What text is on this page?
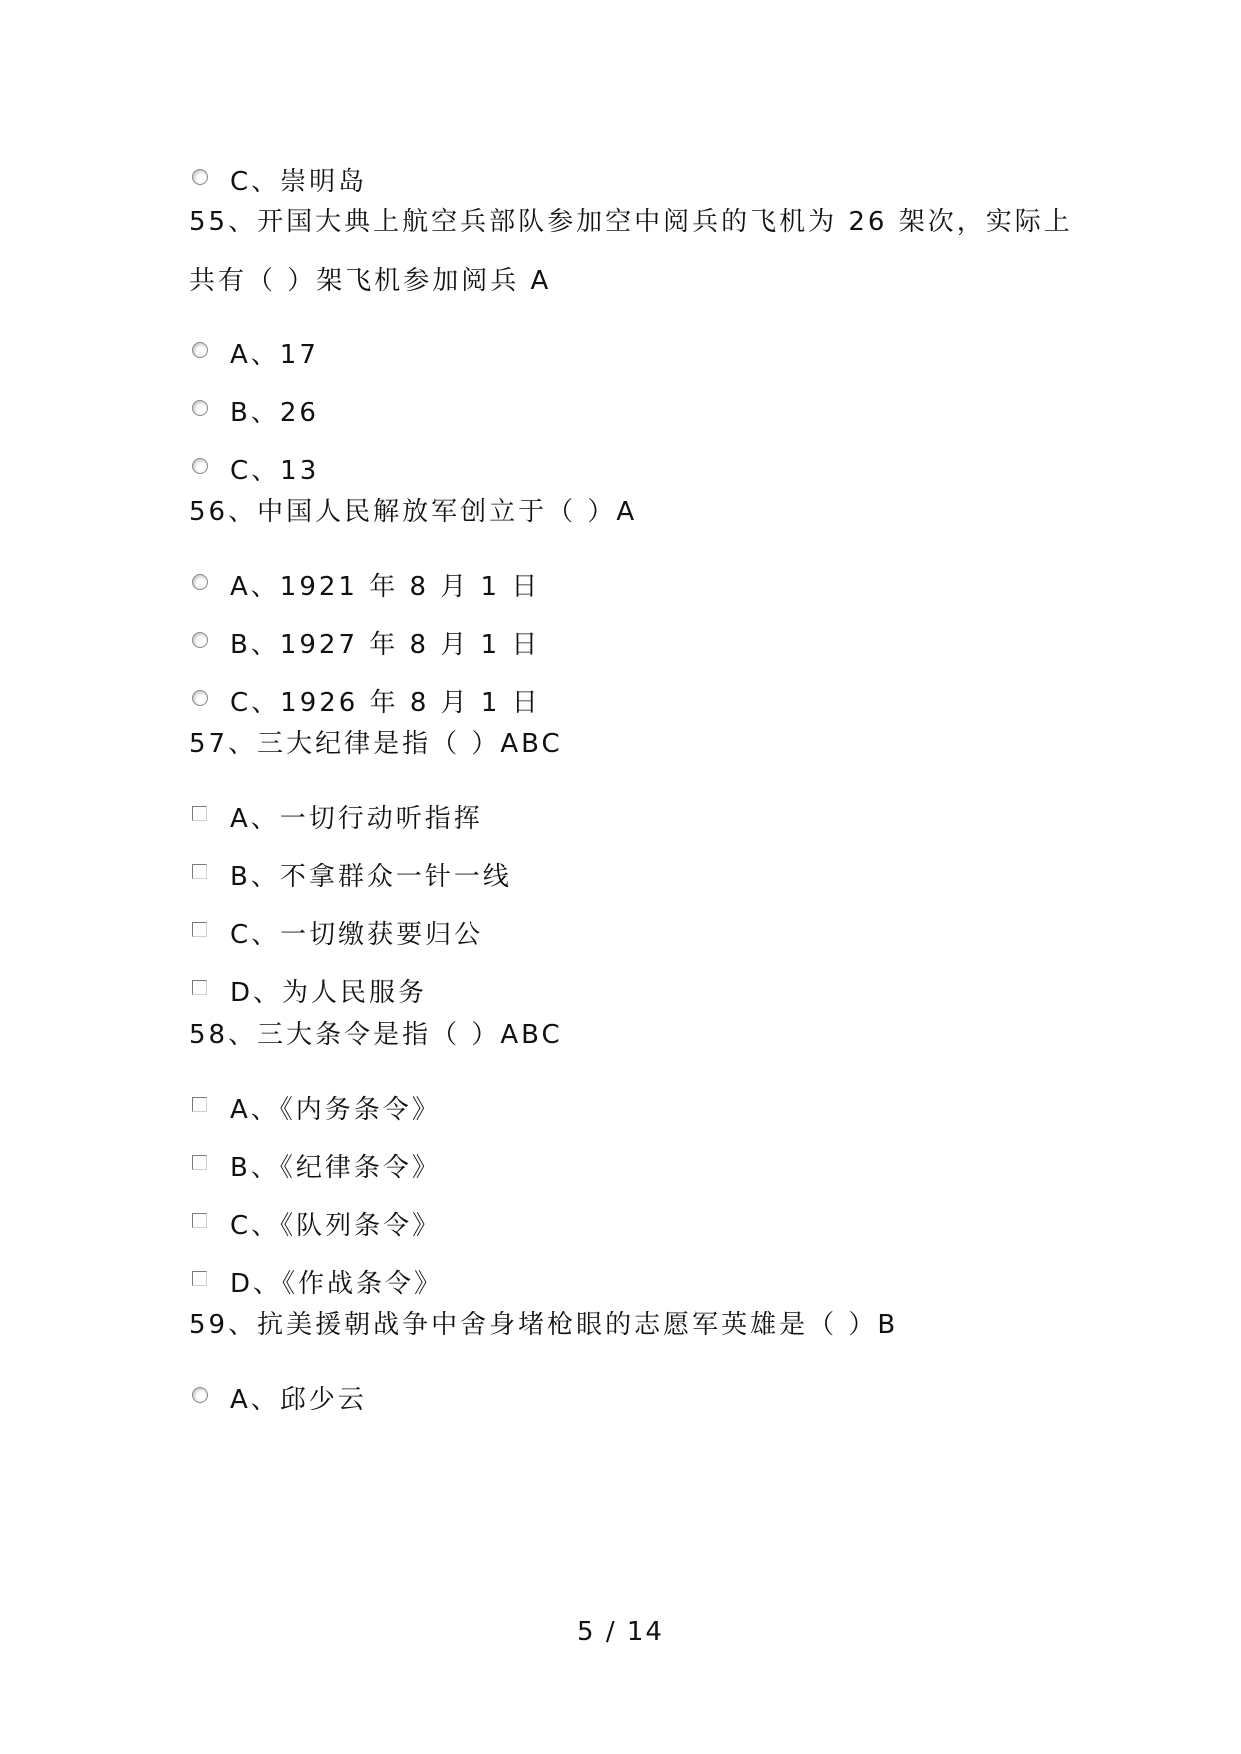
C、崇明岛
55、开国大典上航空兵部队参加空中阅兵的飞机为 26 架次，实际上
共有（ ）架飞机参加阅兵 A
A、17
B、26
C、13
56、中国人民解放军创立于（ ）A
A、1921 年 8 月 1 日
B、1927 年 8 月 1 日
C、1926 年 8 月 1 日
57、三大纪律是指（ ）ABC
A、一切行动听指挥
B、不拿群众一针一线
C、一切缴获要归公
D、为人民服务
58、三大条令是指（ ）ABC
A、《内务条令》
B、《纪律条令》
C、《队列条令》
D、《作战条令》
59、抗美援朝战争中舍身堵枪眼的志愿军英雄是（ ）B
A、邱少云
5 / 14
